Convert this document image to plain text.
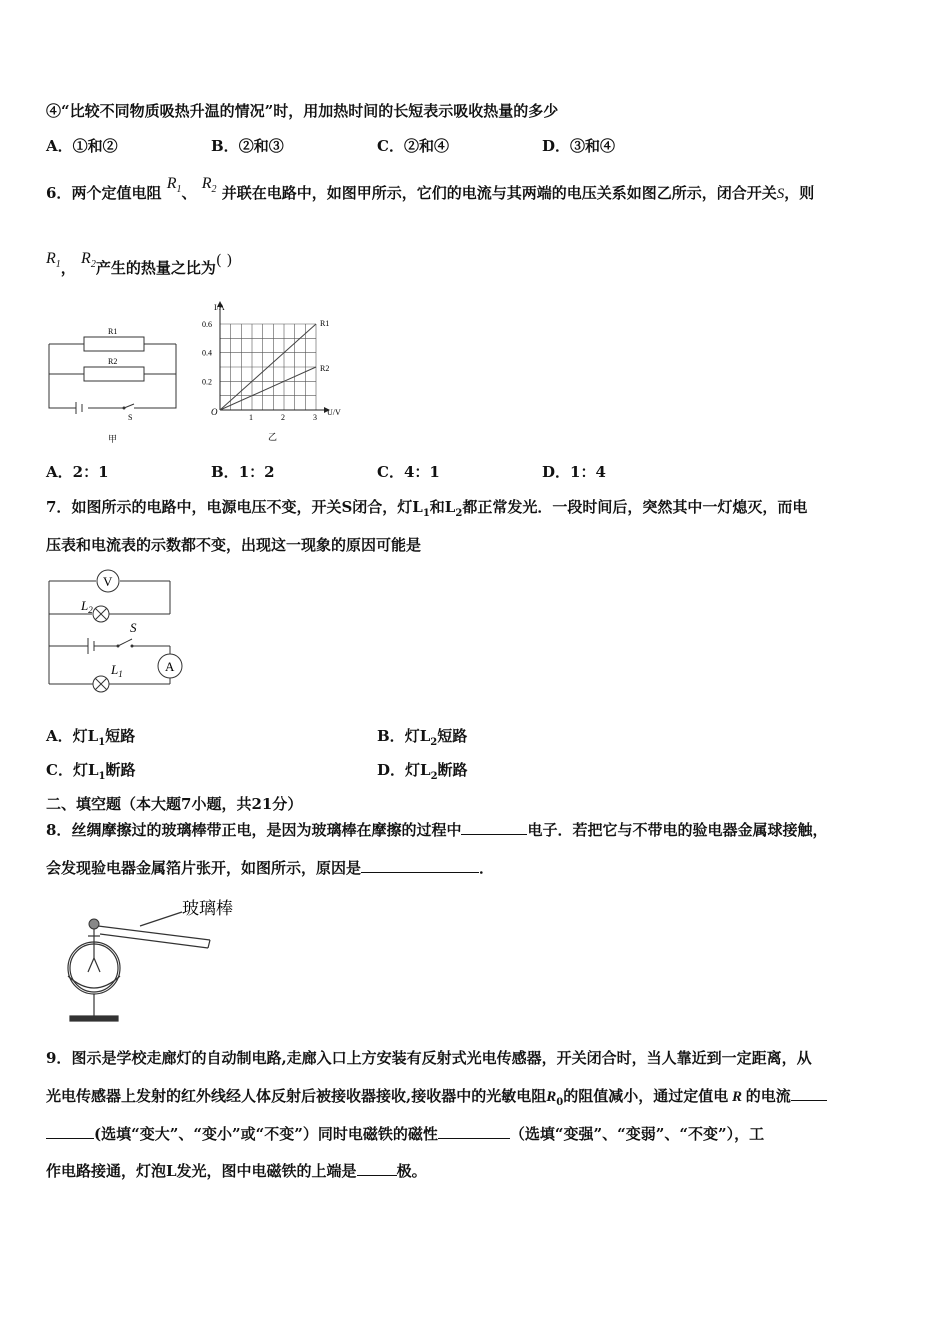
④“比较不同物质吸热升温的情况”时，用加热时间的长短表示吸收热量的多少
A．①和②	B．②和③	C．②和④	D．③和④
6．两个定值电阻 $R_1$、 $R_2$ 并联在电路中，如图甲所示，它们的电流与其两端的电压关系如图乙所示，闭合开关S，则
$R_1$， $R_2$产生的热量之比为( )
R1
R2
S
甲
R1
R2
1	2	3
0.2
0.4
0.6
I/A
U/V
O
乙
A．2：1	B．1：2	C．4：1	D．1：4
7．如图所示的电路中，电源电压不变，开关S闭合，灯$L_1$和$L_2$都正常发光．一段时间后，突然其中一灯熄灭，而电
压表和电流表的示数都不变，出现这一现象的原因可能是
V
A
$L_2$
$L_1$
S
A．灯$L_1$短路	B．灯$L_2$短路
C．灯$L_1$断路	D．灯$L_2$断路
二、填空题（本大题7小题，共21分）
8．丝绸摩擦过的玻璃棒带正电，是因为玻璃棒在摩擦的过程中	电子．若把它与不带电的验电器金属球接触，
会发现验电器金属箔片张开，如图所示，原因是	．
玻璃棒
9．图示是学校走廊灯的自动制电路,走廊入口上方安装有反射式光电传感器，开关闭合时，当人靠近到一定距离，从
光电传感器上发射的红外线经人体反射后被接收器接收,接收器中的光敏电阻$R_0$的阻值减小，通过定值电 R 的电流
(选填“变大”、“变小”或“不变”）同时电磁铁的磁性	（选填“变强”、“变弱”、“不变”），工
作电路接通，灯泡L发光，图中电磁铁的上端是	极。
